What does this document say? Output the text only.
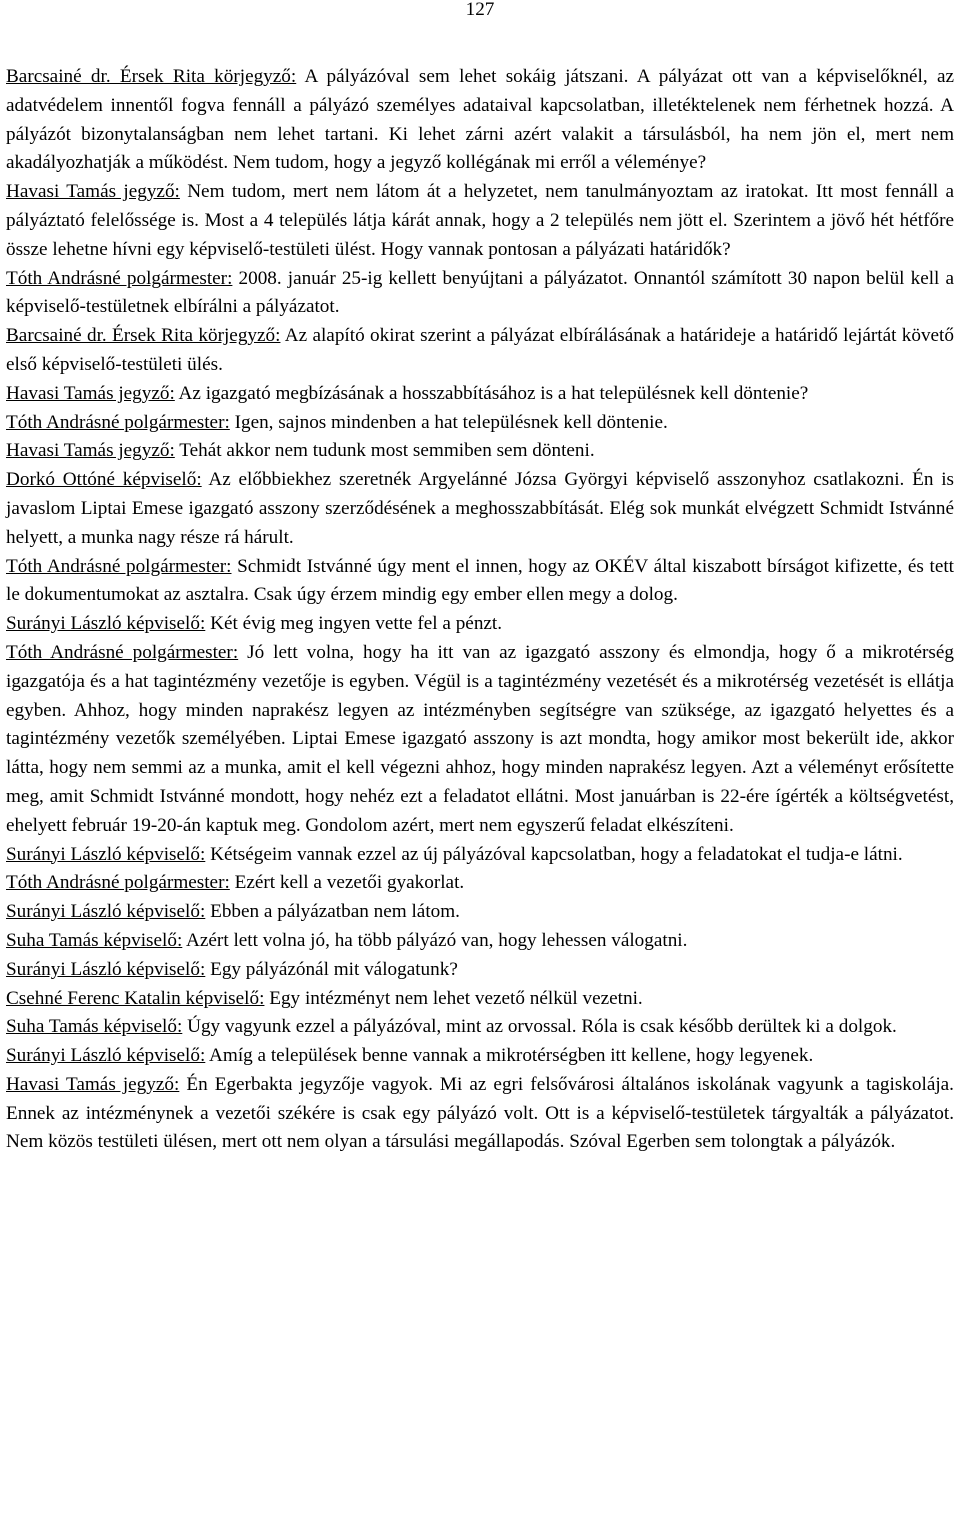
127

Barcsainé dr. Érsek Rita körjegyző: A pályázóval sem lehet sokáig játszani. A pályázat ott van a képviselőknél, az adatvédelem innentől fogva fennáll a pályázó személyes adataival kapcsolatban, illetéktelenek nem férhetnek hozzá. A pályázót bizonytalanságban nem lehet tartani. Ki lehet zárni azért valakit a társulásból, ha nem jön el, mert nem akadályozhatják a működést. Nem tudom, hogy a jegyző kollégának mi erről a véleménye?

Havasi Tamás jegyző: Nem tudom, mert nem látom át a helyzetet, nem tanulmányoztam az iratokat. Itt most fennáll a pályáztató felelőssége is. Most a 4 település látja kárát annak, hogy a 2 település nem jött el. Szerintem a jövő hét hétfőre össze lehetne hívni egy képviselő-testületi ülést. Hogy vannak pontosan a pályázati határidők?

Tóth Andrásné polgármester: 2008. január 25-ig kellett benyújtani a pályázatot. Onnantól számított 30 napon belül kell a képviselő-testületnek elbírálni a pályázatot.

Barcsainé dr. Érsek Rita körjegyző: Az alapító okirat szerint a pályázat elbírálásának a határideje a határidő lejártát követő első képviselő-testületi ülés.

Havasi Tamás jegyző: Az igazgató megbízásának a hosszabbításához is a hat településnek kell döntenie?

Tóth Andrásné polgármester: Igen, sajnos mindenben a hat településnek kell döntenie.

Havasi Tamás jegyző: Tehát akkor nem tudunk most semmiben sem dönteni.

Dorkó Ottóné képviselő: Az előbbiekhez szeretnék Argyelánné Józsa Györgyi képviselő asszonyhoz csatlakozni. Én is javaslom Liptai Emese igazgató asszony szerződésének a meghosszabbítását. Elég sok munkát elvégzett Schmidt Istvánné helyett, a munka nagy része rá hárult.

Tóth Andrásné polgármester: Schmidt Istvánné úgy ment el innen, hogy az OKÉV által kiszabott bírságot kifizette, és tett le dokumentumokat az asztalra. Csak úgy érzem mindig egy ember ellen megy a dolog.

Surányi László képviselő: Két évig meg ingyen vette fel a pénzt.

Tóth Andrásné polgármester: Jó lett volna, hogy ha itt van az igazgató asszony és elmondja, hogy ő a mikrotérség igazgatója és a hat tagintézmény vezetője is egyben. Végül is a tagintézmény vezetését és a mikrotérség vezetését is ellátja egyben. Ahhoz, hogy minden naprakész legyen az intézményben segítségre van szüksége, az igazgató helyettes és a tagintézmény vezetők személyében. Liptai Emese igazgató asszony is azt mondta, hogy amikor most bekerült ide, akkor látta, hogy nem semmi az a munka, amit el kell végezni ahhoz, hogy minden naprakész legyen. Azt a véleményt erősítette meg, amit Schmidt Istvánné mondott, hogy nehéz ezt a feladatot ellátni. Most januárban is 22-ére ígérték a költségvetést, ehelyett február 19-20-án kaptuk meg. Gondolom azért, mert nem egyszerű feladat elkészíteni.

Surányi László képviselő: Kétségeim vannak ezzel az új pályázóval kapcsolatban, hogy a feladatokat el tudja-e látni.

Tóth Andrásné polgármester: Ezért kell a vezetői gyakorlat.

Surányi László képviselő: Ebben a pályázatban nem látom.

Suha Tamás képviselő: Azért lett volna jó, ha több pályázó van, hogy lehessen válogatni.

Surányi László képviselő: Egy pályázónál mit válogatunk?

Csehné Ferenc Katalin képviselő: Egy intézményt nem lehet vezető nélkül vezetni.

Suha Tamás képviselő: Úgy vagyunk ezzel a pályázóval, mint az orvossal. Róla is csak később derültek ki a dolgok.

Surányi László képviselő: Amíg a települések benne vannak a mikrotérségben itt kellene, hogy legyenek.

Havasi Tamás jegyző: Én Egerbakta jegyzője vagyok. Mi az egri felsővárosi általános iskolának vagyunk a tagiskolája. Ennek az intézménynek a vezetői székére is csak egy pályázó volt. Ott is a képviselő-testületek tárgyalták a pályázatot. Nem közös testületi ülésen, mert ott nem olyan a társulási megállapodás. Szóval Egerben sem tolongtak a pályázók.
